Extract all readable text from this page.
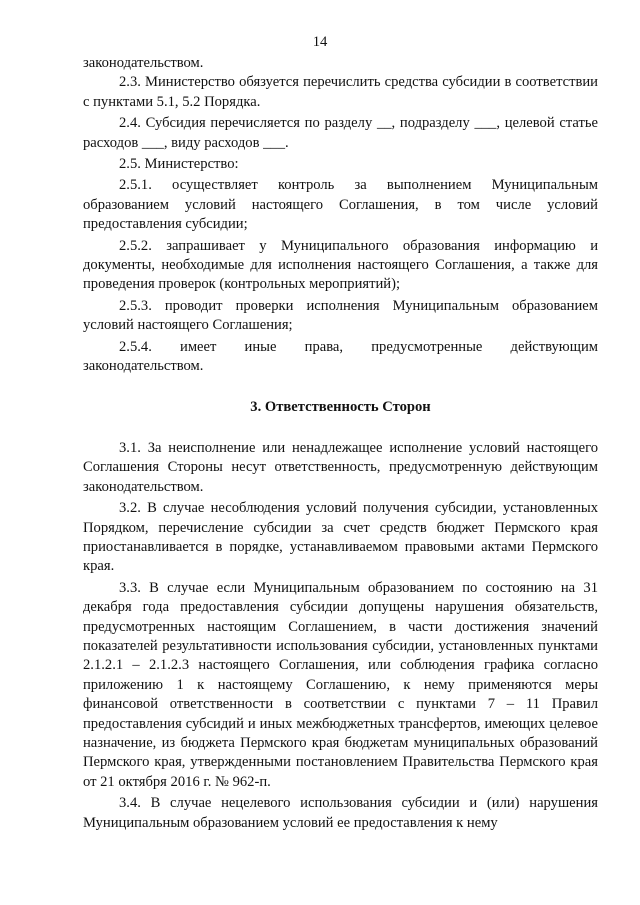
14

законодательством.

2.3. Министерство обязуется перечислить средства субсидии в соответствии с пунктами 5.1, 5.2 Порядка.

2.4. Субсидия перечисляется по разделу __, подразделу ___, целевой статье расходов ___, виду расходов ___.

2.5. Министерство:

2.5.1. осуществляет контроль за выполнением Муниципальным образованием условий настоящего Соглашения, в том числе условий предоставления субсидии;

2.5.2. запрашивает у Муниципального образования информацию и документы, необходимые для исполнения настоящего Соглашения, а также для проведения проверок (контрольных мероприятий);

2.5.3. проводит проверки исполнения Муниципальным образованием условий настоящего Соглашения;

2.5.4. имеет иные права, предусмотренные действующим законодательством.

3. Ответственность Сторон

3.1. За неисполнение или ненадлежащее исполнение условий настоящего Соглашения Стороны несут ответственность, предусмотренную действующим законодательством.

3.2. В случае несоблюдения условий получения субсидии, установленных Порядком, перечисление субсидии за счет средств бюджет Пермского края приостанавливается в порядке, устанавливаемом правовыми актами Пермского края.

3.3. В случае если Муниципальным образованием по состоянию на 31 декабря года предоставления субсидии допущены нарушения обязательств, предусмотренных настоящим Соглашением, в части достижения значений показателей результативности использования субсидии, установленных пунктами 2.1.2.1 – 2.1.2.3 настоящего Соглашения, или соблюдения графика согласно приложению 1 к настоящему Соглашению, к нему применяются меры финансовой ответственности в соответствии с пунктами 7 – 11 Правил предоставления субсидий и иных межбюджетных трансфертов, имеющих целевое назначение, из бюджета Пермского края бюджетам муниципальных образований Пермского края, утвержденными постановлением Правительства Пермского края от 21 октября 2016 г. № 962-п.

3.4. В случае нецелевого использования субсидии и (или) нарушения Муниципальным образованием условий ее предоставления к нему
